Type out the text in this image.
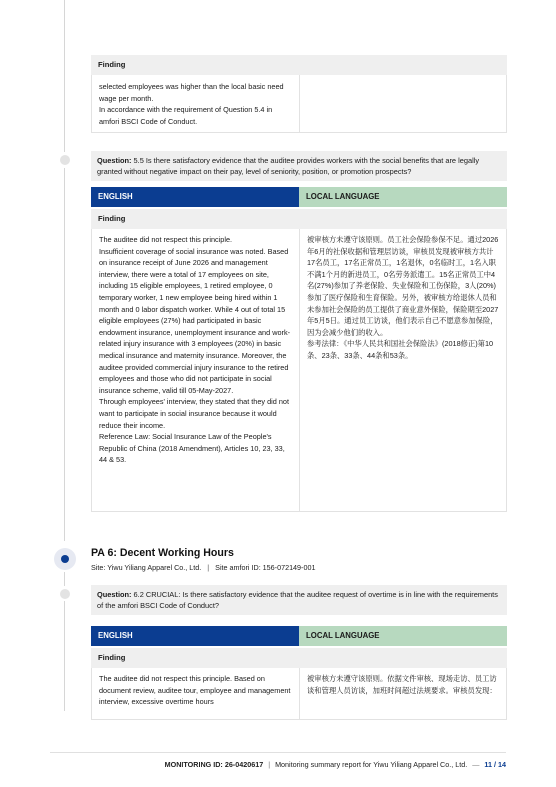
Finding

selected employees was higher than the local basic need wage per month.
In accordance with the requirement of Question 5.4 in amfori BSCI Code of Conduct.

Question: 5.5 Is there satisfactory evidence that the auditee provides workers with the social benefits that are legally granted without negative impact on their pay, level of seniority, position, or promotion prospects?
ENGLISH	LOCAL LANGUAGE
Finding

The auditee did not respect this principle.
Insufficient coverage of social insurance was noted. Based on insurance receipt of June 2026 and management interview, there were a total of 17 employees on site, including 15 eligible employees, 1 retired employee, 0 temporary worker, 1 new employee being hired within 1 month and 0 labor dispatch worker. While 4 out of total 15 eligible employees (27%) had participated in basic endowment insurance, unemployment insurance and work-related injury insurance with 3 employees (20%) in basic medical insurance and maternity insurance. Moreover, the auditee provided commercial injury insurance to the retired employees and those who did not participate in social insurance scheme, valid till 05-May-2027.
Through employees' interview, they stated that they did not want to participate in social insurance because it would reduce their income.
Reference Law: Social Insurance Law of the People's Republic of China (2018 Amendment), Articles 10, 23, 33, 44 & 53.

被审核方未遵守该原则。员工社会保险参保不足。通过2026年6月的社保收据和管理层访谈，审核员发现被审核方共计17名员工，17名正常员工，1名退休，0名临时工，1名入职不满1个月的新进员工，0名劳务派遣工。15名正常员工中4名(27%)参加了养老保险、失业保险和工伤保险，3人(20%)参加了医疗保险和生育保险。另外，被审核方给退休人员和未参加社会保险的员工提供了商业意外保险，保险期至2027年5月5日。通过员工访谈，他们表示自己不愿意参加保险，因为会减少他们的收入。
参考法律：《中华人民共和国社会保险法》(2018修正)第10条、23条、33条、44条和53条。

PA 6: Decent Working Hours
Site: Yiwu Yiliang Apparel Co., Ltd. | Site amfori ID: 156-072149-001
Question: 6.2 CRUCIAL: Is there satisfactory evidence that the auditee request of overtime is in line with the requirements of the amfori BSCI Code of Conduct?
ENGLISH	LOCAL LANGUAGE
Finding

The auditee did not respect this principle. Based on document review, auditee tour, employee and management interview, excessive overtime hours

被审核方未遵守该原则。依据文件审核、现场走访、员工访谈和管理人员访谈，加班时间超过法规要求。审核员发现：

MONITORING ID: 26-0420617 | Monitoring summary report for Yiwu Yiliang Apparel Co., Ltd. — 11 / 14
